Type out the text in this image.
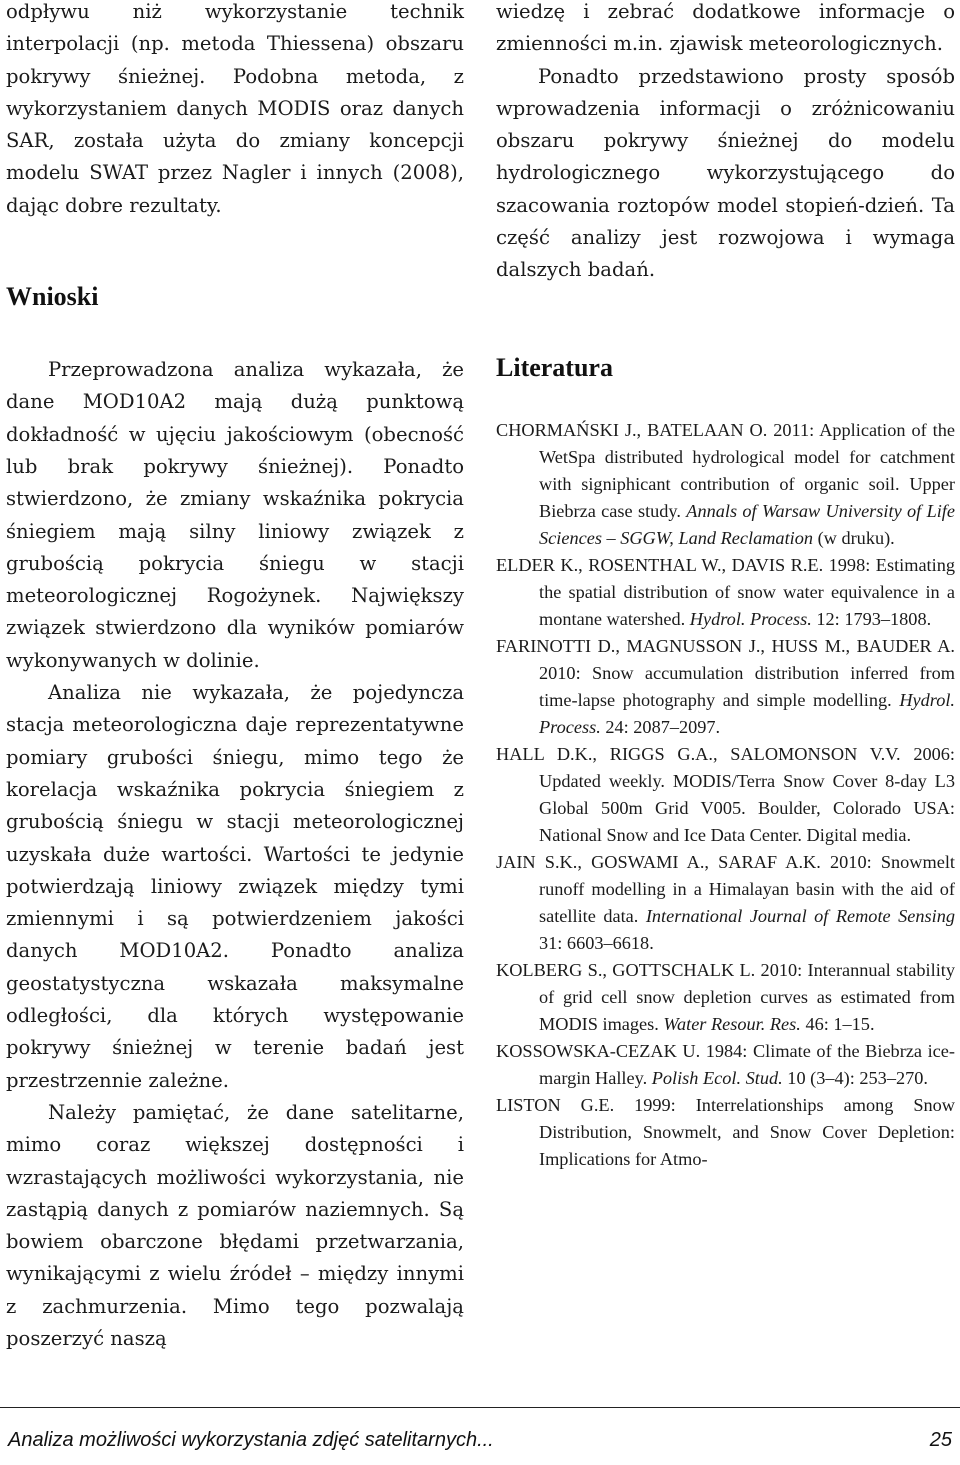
odpływu niż wykorzystanie technik interpolacji (np. metoda Thiessena) obszaru pokrywy śnieżnej. Podobna metoda, z wykorzystaniem danych MODIS oraz danych SAR, została użyta do zmiany koncepcji modelu SWAT przez Nagler i innych (2008), dając dobre rezultaty.

Wnioski

Przeprowadzona analiza wykazała, że dane MOD10A2 mają dużą punktową dokładność w ujęciu jakościowym (obecność lub brak pokrywy śnieżnej). Ponadto stwierdzono, że zmiany wskaźnika pokrycia śniegiem mają silny liniowy związek z grubością pokrycia śniegu w stacji meteorologicznej Rogożynek. Największy związek stwierdzono dla wyników pomiarów wykonywanych w dolinie.

Analiza nie wykazała, że pojedyncza stacja meteorologiczna daje reprezentatywne pomiary grubości śniegu, mimo tego że korelacja wskaźnika pokrycia śniegiem z grubością śniegu w stacji meteorologicznej uzyskała duże wartości. Wartości te jedynie potwierdzają liniowy związek między tymi zmiennymi i są potwierdzeniem jakości danych MOD10A2. Ponadto analiza geostatystyczna wskazała maksymalne odległości, dla których występowanie pokrywy śnieżnej w terenie badań jest przestrzennie zależne.

Należy pamiętać, że dane satelitarne, mimo coraz większej dostępności i wzrastających możliwości wykorzystania, nie zastąpią danych z pomiarów naziemnych. Są bowiem obarczone błędami przetwarzania, wynikającymi z wielu źródeł – między innymi z zachmurzenia. Mimo tego pozwalają poszerzyć naszą

wiedzę i zebrać dodatkowe informacje o zmienności m.in. zjawisk meteorologicznych.

Ponadto przedstawiono prosty sposób wprowadzenia informacji o zróżnicowaniu obszaru pokrywy śnieżnej do modelu hydrologicznego wykorzystującego do szacowania roztopów model stopień-dzień. Ta część analizy jest rozwojowa i wymaga dalszych badań.

Literatura

CHORMAŃSKI J., BATELAAN O. 2011: Application of the WetSpa distributed hydrological model for catchment with signiphicant contribution of organic soil. Upper Biebrza case study. Annals of Warsaw University of Life Sciences – SGGW, Land Reclamation (w druku).

ELDER K., ROSENTHAL W., DAVIS R.E. 1998: Estimating the spatial distribution of snow water equivalence in a montane watershed. Hydrol. Process. 12: 1793–1808.

FARINOTTI D., MAGNUSSON J., HUSS M., BAUDER A. 2010: Snow accumulation distribution inferred from time-lapse photography and simple modelling. Hydrol. Process. 24: 2087–2097.

HALL D.K., RIGGS G.A., SALOMONSON V.V. 2006: Updated weekly. MODIS/Terra Snow Cover 8-day L3 Global 500m Grid V005. Boulder, Colorado USA: National Snow and Ice Data Center. Digital media.

JAIN S.K., GOSWAMI A., SARAF A.K. 2010: Snowmelt runoff modelling in a Himalayan basin with the aid of satellite data. International Journal of Remote Sensing 31: 6603–6618.

KOLBERG S., GOTTSCHALK L. 2010: Interannual stability of grid cell snow depletion curves as estimated from MODIS images. Water Resour. Res. 46: 1–15.

KOSSOWSKA-CEZAK U. 1984: Climate of the Biebrza ice-margin Halley. Polish Ecol. Stud. 10 (3–4): 253–270.

LISTON G.E. 1999: Interrelationships among Snow Distribution, Snowmelt, and Snow Cover Depletion: Implications for Atmo-

Analiza możliwości wykorzystania zdjęć satelitarnych...	25
